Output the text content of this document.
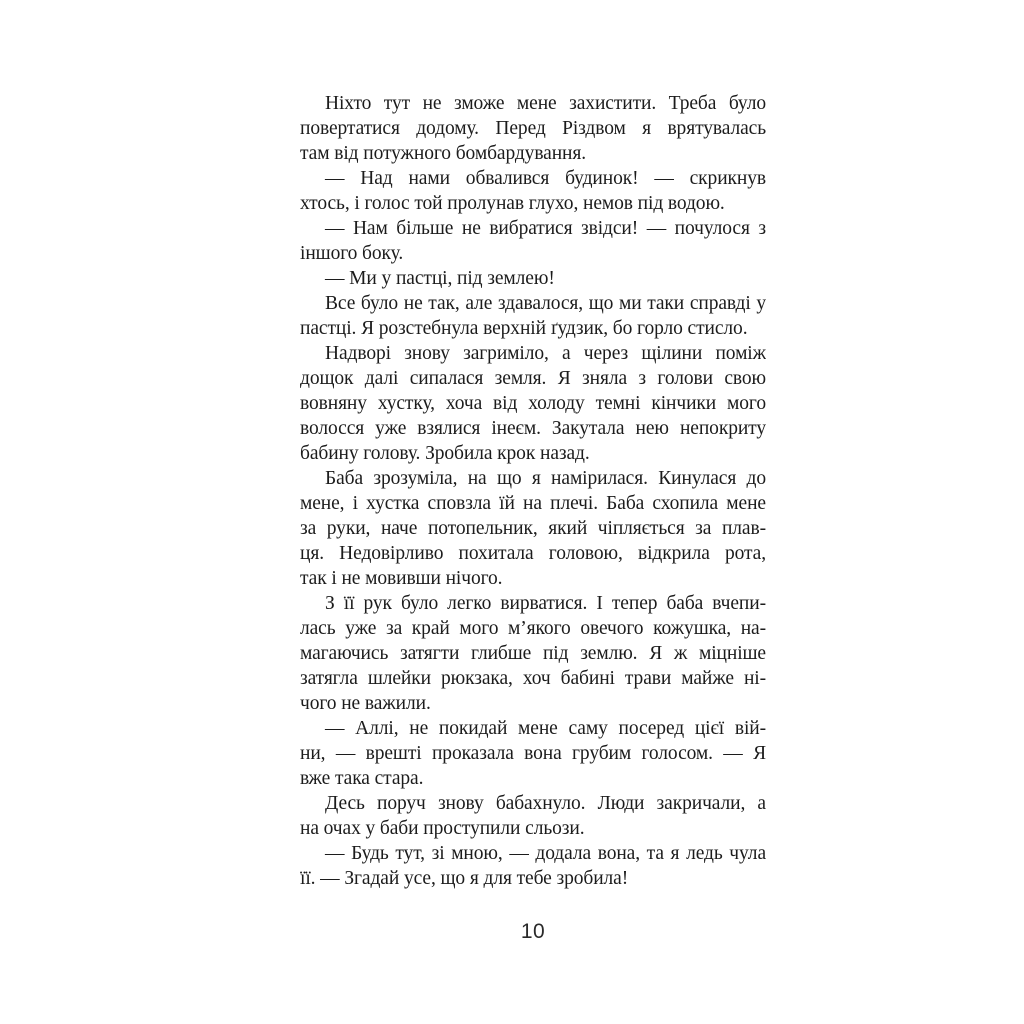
Ніхто тут не зможе мене захистити. Треба було
повертатися додому. Перед Різдвом я врятувалась
там від потужного бомбардування.
— Над нами обвалився будинок! — скрикнув
хтось, і голос той пролунав глухо, немов під водою.
— Нам більше не вибратися звідси! — почулося з
іншого боку.
— Ми у пастці, під землею!
Все було не так, але здавалося, що ми таки справді у
пастці. Я розстебнула верхній ґудзик, бо горло стисло.
Надворі знову загриміло, а через щілини поміж
дощок далі сипалася земля. Я зняла з голови свою
вовняну хустку, хоча від холоду темні кінчики мого
волосся уже взялися інеєм. Закутала нею непокриту
бабину голову. Зробила крок назад.
Баба зрозуміла, на що я намірилася. Кинулася до
мене, і хустка сповзла їй на плечі. Баба схопила мене
за руки, наче потопельник, який чіпляється за плав-
ця. Недовірливо похитала головою, відкрила рота,
так і не мовивши нічого.
З її рук було легко вирватися. І тепер баба вчепи-
лась уже за край мого м’якого овечого кожушка, на-
магаючись затягти глибше під землю. Я ж міцніше
затягла шлейки рюкзака, хоч бабині трави майже ні-
чого не важили.
— Аллі, не покидай мене саму посеред цієї вій-
ни, — врешті проказала вона грубим голосом. — Я
вже така стара.
Десь поруч знову бабахнуло. Люди закричали, а
на очах у баби проступили сльози.
— Будь тут, зі мною, — додала вона, та я ледь чула
її. — Згадай усе, що я для тебе зробила!
10
